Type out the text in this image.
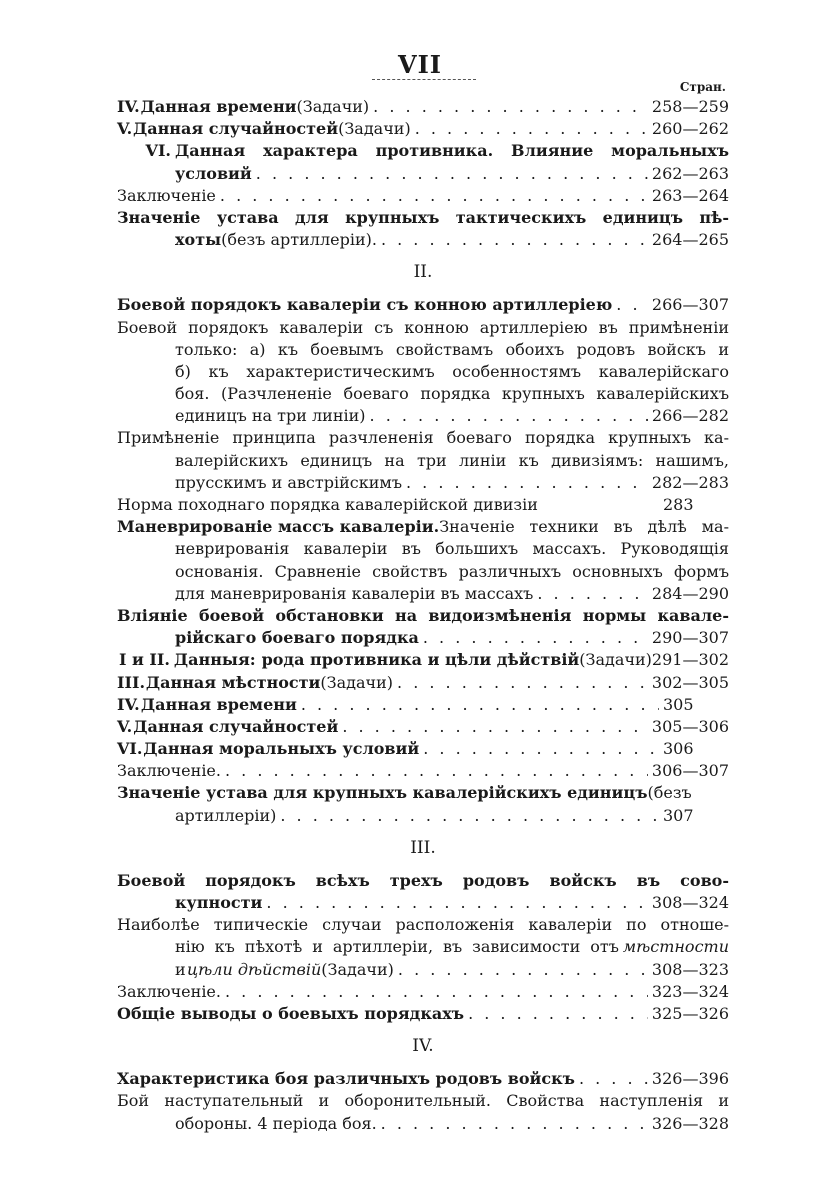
VII
Стран.
IV. Данная времени (Задачи) . . .	258—259
V. Данная случайностей (Задачи) . . .	260—262
VI. Данная характера противника. Влияние моральныхъ
условий . . .	262—263
Заключеніе . . .	263—264
Значеніе устава для крупныхъ тактическихъ единицъ пѣ-
хоты (безъ артиллеріи). . . .	264—265
II.
Боевой порядокъ кавалеріи съ конною артиллеріею . . . 266—307
Боевой порядокъ кавалеріи съ конною артиллеріею въ примѣненіи
только: а) къ боевымъ свойствамъ обоихъ родовъ войскъ и
б) къ характеристическимъ особенностямъ кавалерійскаго
боя. (Разчлененіе боеваго порядка крупныхъ кавалерійскихъ
единицъ на три линіи) . . .	266—282
Примѣненіе принципа разчлененія боеваго порядка крупныхъ ка-
валерійскихъ единицъ на три линіи къ дивизіямъ: нашимъ,
прусскимъ и австрійскимъ . . .	282—283
Норма походнаго порядка кавалерійской дивизіи	283
Маневрированіе массъ кавалеріи. Значеніе техники въ дѣлѣ ма-
неврированія кавалеріи въ большихъ массахъ. Руководящія
основанія. Сравненіе свойствъ различныхъ основныхъ формъ
для маневрированія кавалеріи въ массахъ . . .	284—290
Вліяніе боевой обстановки на видоизмѣненія нормы кавале-
рійскаго боеваго порядка . . .	290—307
I и II. Данныя: рода противника и цѣли дѣйствій (Задачи) 291—302
III. Данная мѣстности (Задачи) . . .	302—305
IV. Данная времени . . .	305
V. Данная случайностей . . .	305—306
VI. Данная моральныхъ условий . . .	306
Заключеніе. . . .	306—307
Значеніе устава для крупныхъ кавалерійскихъ единицъ (безъ
артиллеріи) . . .	307
III.
Боевой порядокъ всѣхъ трехъ родовъ войскъ въ сово-
купности . . .	308—324
Наиболѣе типическіе случаи расположенія кавалеріи по отноше-
нію къ пѣхотѣ и артиллеріи, въ зависимости отъ мѣстности
и цѣли дѣйствій (Задачи) . . .	308—323
Заключеніе. . . .	323—324
Общіе выводы о боевыхъ порядкахъ . . .	325—326
IV.
Характеристика боя различныхъ родовъ войскъ . . .	326—396
Бой наступательный и оборонительный. Свойства наступленія и
обороны. 4 періода боя. . . .	326—328
